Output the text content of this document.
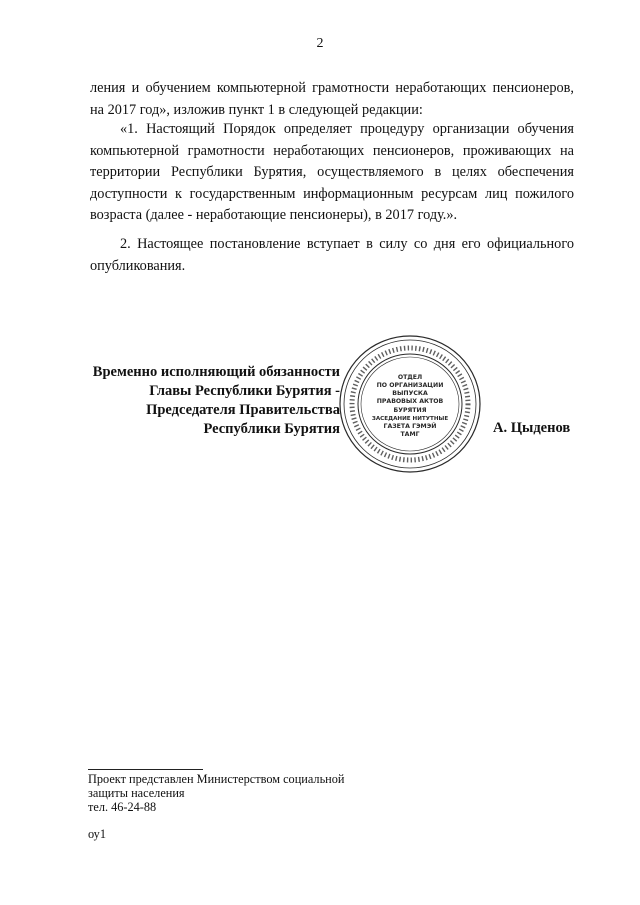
2
ления и обучением компьютерной грамотности неработающих пенсионеров, на 2017 год», изложив пункт 1 в следующей редакции:
«1. Настоящий Порядок определяет процедуру организации обучения компьютерной грамотности неработающих пенсионеров, проживающих на территории Республики Бурятия, осуществляемого в целях обеспечения доступности к государственным информационным ресурсам лиц пожилого возраста (далее - неработающие пенсионеры), в 2017 году.».
2. Настоящее постановление вступает в силу со дня его официального опубликования.
Временно исполняющий обязанности
Главы Республики Бурятия -
Председателя Правительства
Республики Бурятия
ОТДЕЛ
ПО ОРГАНИЗАЦИИ
ВЫПУСКА
ПРАВОВЫХ АКТОВ
БУРЯТИЯ
ЗАСЕДАНИЕ НИТУТНЫЕ
ГАЗЕТА ГЭМЭЙ
ТАМГ	А. Цыденов
Проект представлен Министерством социальной
защиты населения
тел. 46-24-88
оу1
